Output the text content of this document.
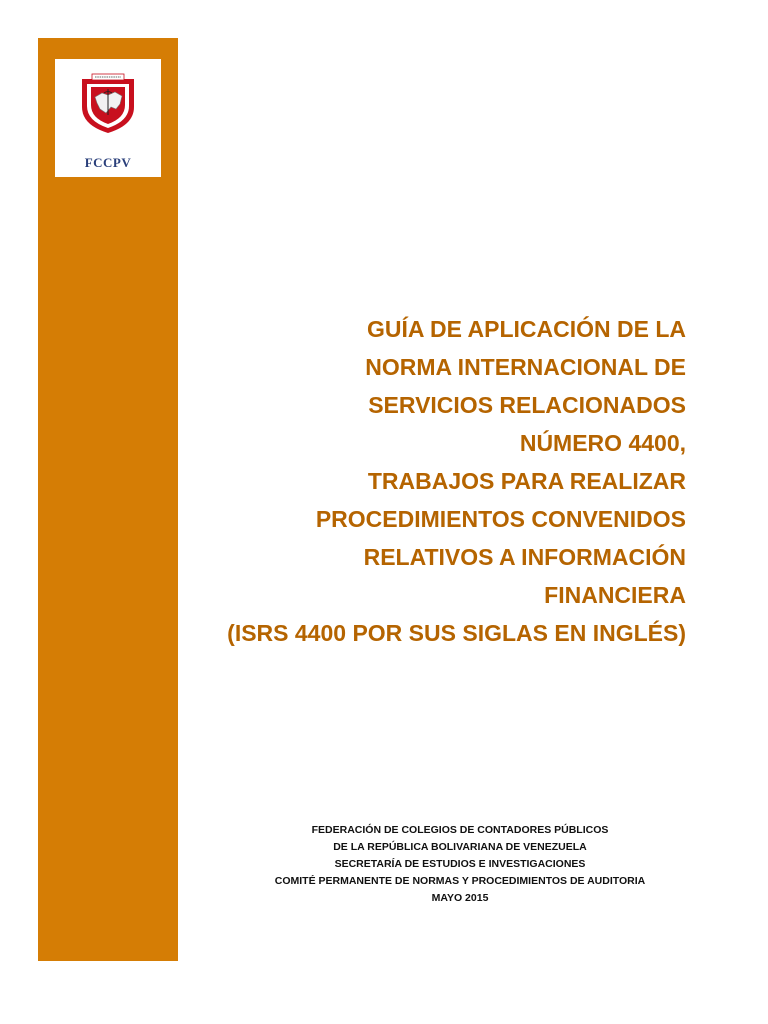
FCCPV
GUÍA DE APLICACIÓN DE LA
NORMA INTERNACIONAL DE
SERVICIOS RELACIONADOS
NÚMERO 4400,
TRABAJOS PARA REALIZAR
PROCEDIMIENTOS CONVENIDOS
RELATIVOS A INFORMACIÓN
FINANCIERA
(ISRS 4400 POR SUS SIGLAS EN INGLÉS)
FEDERACIÓN DE COLEGIOS DE CONTADORES PÚBLICOS
DE LA REPÚBLICA BOLIVARIANA DE VENEZUELA
SECRETARÍA DE ESTUDIOS E INVESTIGACIONES
COMITÉ PERMANENTE DE NORMAS Y PROCEDIMIENTOS DE AUDITORIA
MAYO 2015
